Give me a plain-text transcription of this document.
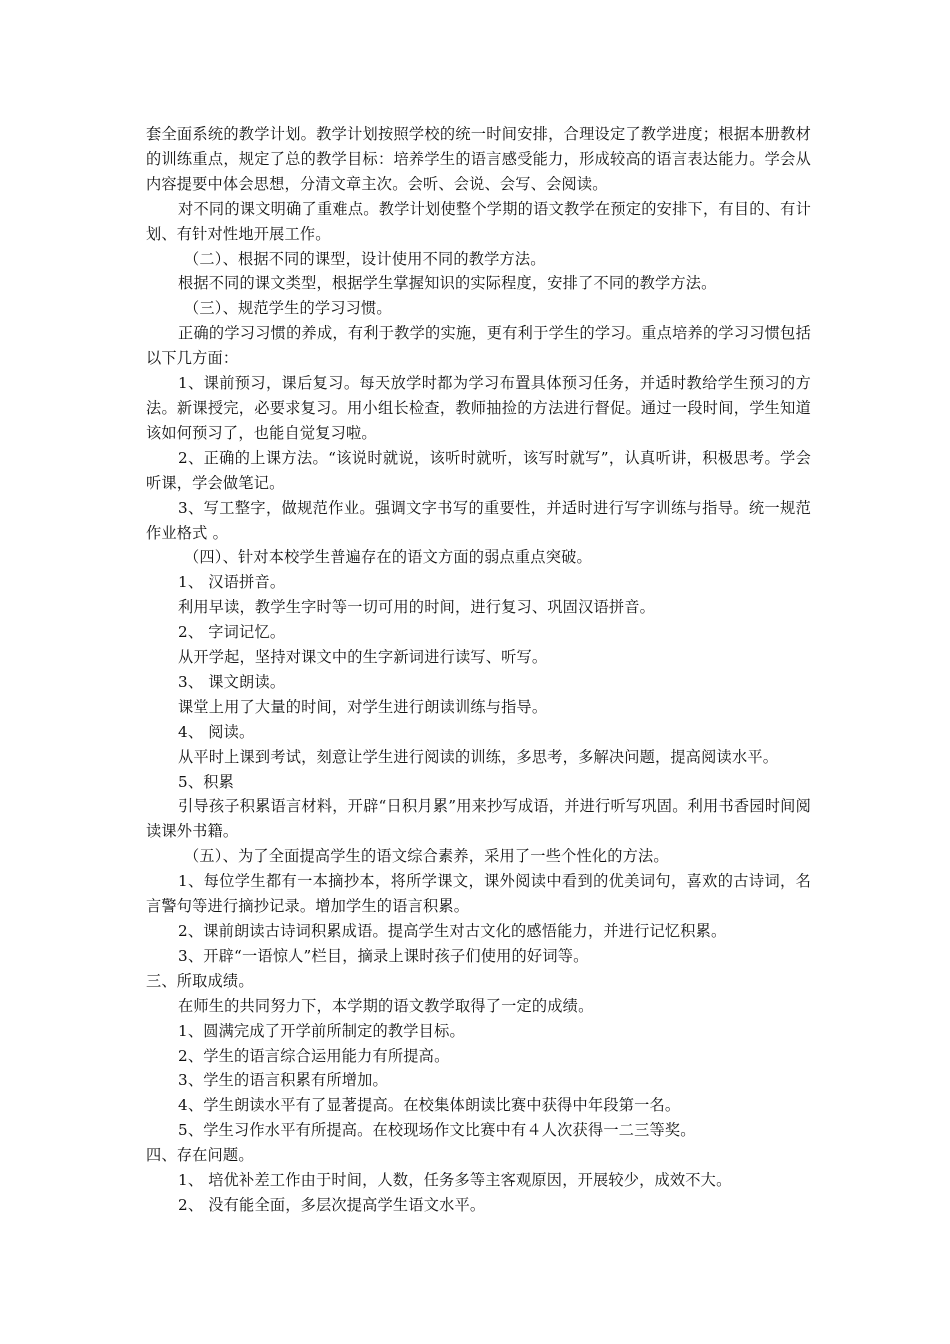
套全面系统的教学计划。教学计划按照学校的统一时间安排，合理设定了教学进度；根据本册教材的训练重点，规定了总的教学目标：培养学生的语言感受能力，形成较高的语言表达能力。学会从内容提要中体会思想，分清文章主次。会听、会说、会写、会阅读。

对不同的课文明确了重难点。教学计划使整个学期的语文教学在预定的安排下，有目的、有计划、有针对性地开展工作。

（二）、根据不同的课型，设计使用不同的教学方法。

根据不同的课文类型，根据学生掌握知识的实际程度，安排了不同的教学方法。

（三）、规范学生的学习习惯。

正确的学习习惯的养成，有利于教学的实施，更有利于学生的学习。重点培养的学习习惯包括以下几方面：

1、课前预习，课后复习。每天放学时都为学习布置具体预习任务，并适时教给学生预习的方法。新课授完，必要求复习。用小组长检查，教师抽捡的方法进行督促。通过一段时间，学生知道该如何预习了，也能自觉复习啦。

2、正确的上课方法。“该说时就说，该听时就听，该写时就写”，认真听讲，积极思考。学会听课，学会做笔记。

3、写工整字，做规范作业。强调文字书写的重要性，并适时进行写字训练与指导。统一规范作业格式 。

（四）、针对本校学生普遍存在的语文方面的弱点重点突破。

1、 汉语拼音。

利用早读，教学生字时等一切可用的时间，进行复习、巩固汉语拼音。

2、 字词记忆。

从开学起，坚持对课文中的生字新词进行读写、听写。

3、 课文朗读。

课堂上用了大量的时间，对学生进行朗读训练与指导。

4、 阅读。

从平时上课到考试，刻意让学生进行阅读的训练，多思考，多解决问题，提高阅读水平。

5、积累

引导孩子积累语言材料，开辟“日积月累”用来抄写成语，并进行听写巩固。利用书香园时间阅读课外书籍。

（五）、为了全面提高学生的语文综合素养，采用了一些个性化的方法。

1、每位学生都有一本摘抄本，将所学课文，课外阅读中看到的优美词句，喜欢的古诗词，名言警句等进行摘抄记录。增加学生的语言积累。

2、课前朗读古诗词积累成语。提高学生对古文化的感悟能力，并进行记忆积累。

3、开辟“一语惊人”栏目，摘录上课时孩子们使用的好词等。

三、所取成绩。

在师生的共同努力下，本学期的语文教学取得了一定的成绩。

1、圆满完成了开学前所制定的教学目标。

2、学生的语言综合运用能力有所提高。

3、学生的语言积累有所增加。

4、学生朗读水平有了显著提高。在校集体朗读比赛中获得中年段第一名。

5、学生习作水平有所提高。在校现场作文比赛中有４人次获得一二三等奖。

四、存在问题。

1、 培优补差工作由于时间，人数，任务多等主客观原因，开展较少，成效不大。

2、 没有能全面，多层次提高学生语文水平。
